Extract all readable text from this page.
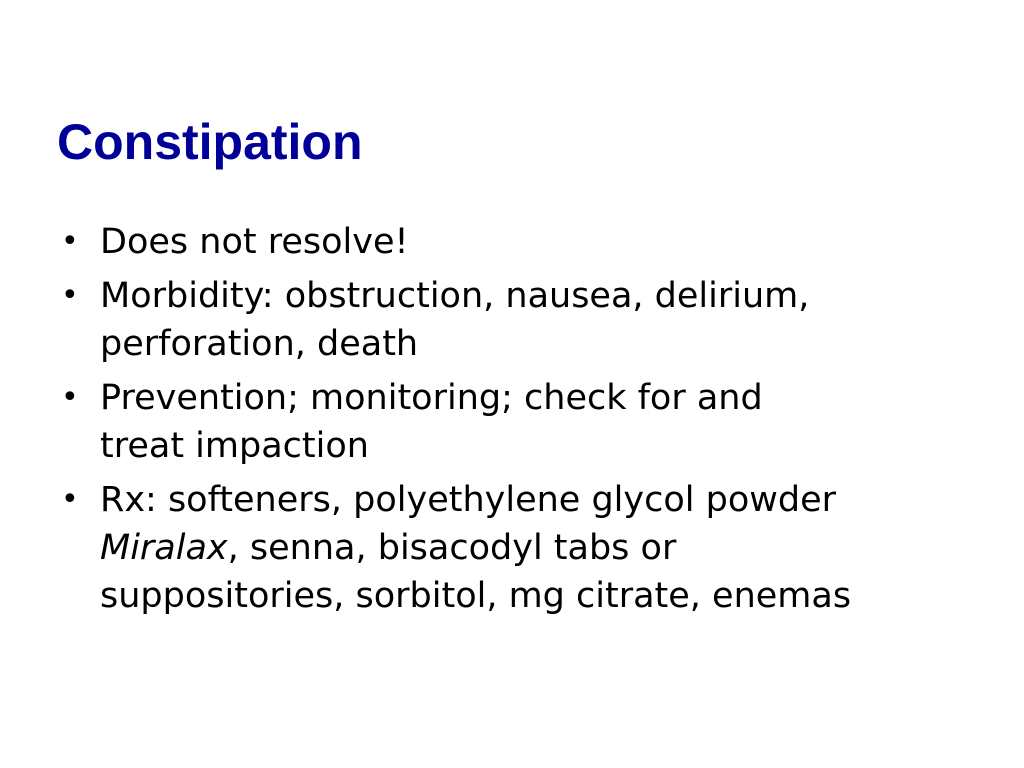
Constipation
• Does not resolve!
• Morbidity: obstruction, nausea, delirium,
perforation, death
• Prevention; monitoring; check for and
treat impaction
• Rx: softeners, polyethylene glycol powder
Miralax, senna, bisacodyl tabs or
suppositories, sorbitol, mg citrate, enemas
